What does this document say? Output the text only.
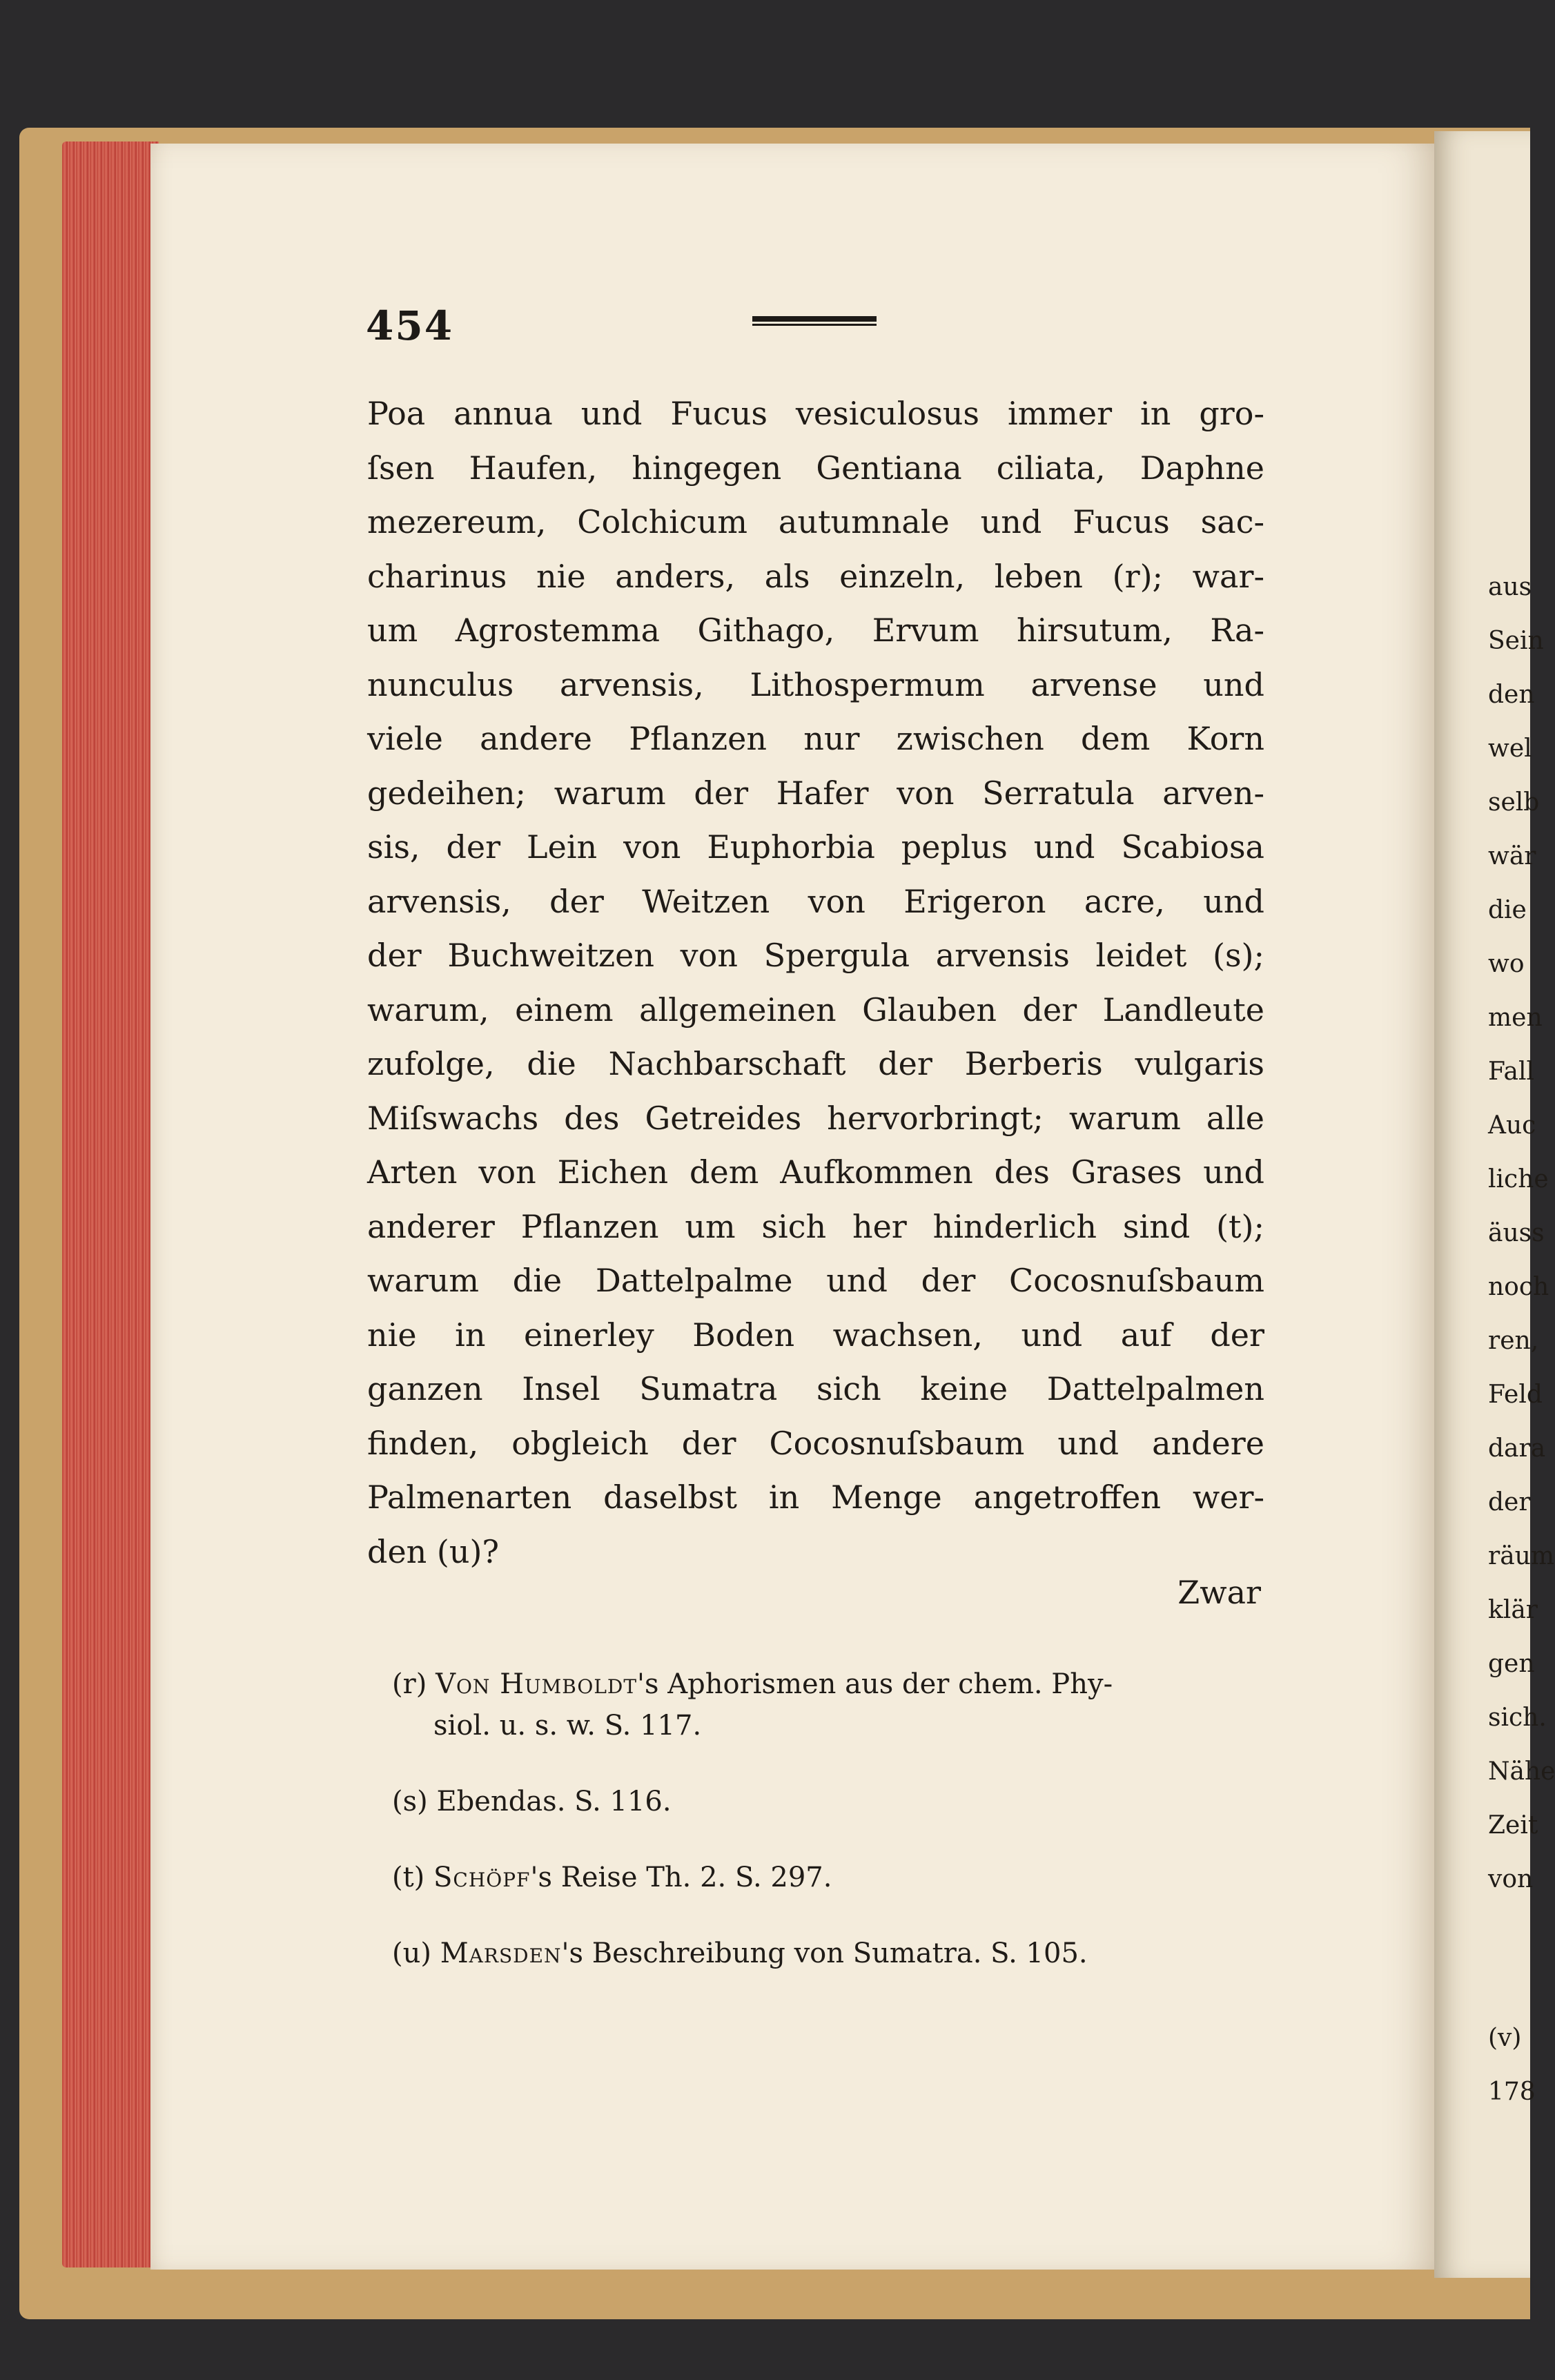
aus
Sein
den
wel
selb
wär
die
wo
men
Fall
Auc
liche
äuss
noch
ren,
Feld
dara
der
räum
klär
gen
sich.
Nähe
Zeit
von
(v)
178
454
Poa annua und Fucus vesiculosus immer in gro-
ſsen Haufen, hingegen Gentiana ciliata, Daphne
mezereum, Colchicum autumnale und Fucus sac-
charinus nie anders, als einzeln, leben (r); war-
um Agrostemma Githago, Ervum hirsutum, Ra-
nunculus arvensis, Lithospermum arvense und
viele andere Pflanzen nur zwischen dem Korn
gedeihen; warum der Hafer von Serratula arven-
sis, der Lein von Euphorbia peplus und Scabiosa
arvensis, der Weitzen von Erigeron acre, und
der Buchweitzen von Spergula arvensis leidet (s);
warum, einem allgemeinen Glauben der Landleute
zufolge, die Nachbarschaft der Berberis vulgaris
Miſswachs des Getreides hervorbringt; warum alle
Arten von Eichen dem Aufkommen des Grases und
anderer Pflanzen um sich her hinderlich sind (t);
warum die Dattelpalme und der Cocosnuſsbaum
nie in einerley Boden wachsen, und auf der
ganzen Insel Sumatra sich keine Dattelpalmen
finden, obgleich der Cocosnuſsbaum und andere
Palmenarten daselbst in Menge angetroffen wer-
den (u)?
Zwar
(r) Von Humboldt's Aphorismen aus der chem. Phy-
siol. u. s. w. S. 117.
(s) Ebendas. S. 116.
(t) Schöpf's Reise Th. 2. S. 297.
(u) Marsden's Beschreibung von Sumatra. S. 105.
